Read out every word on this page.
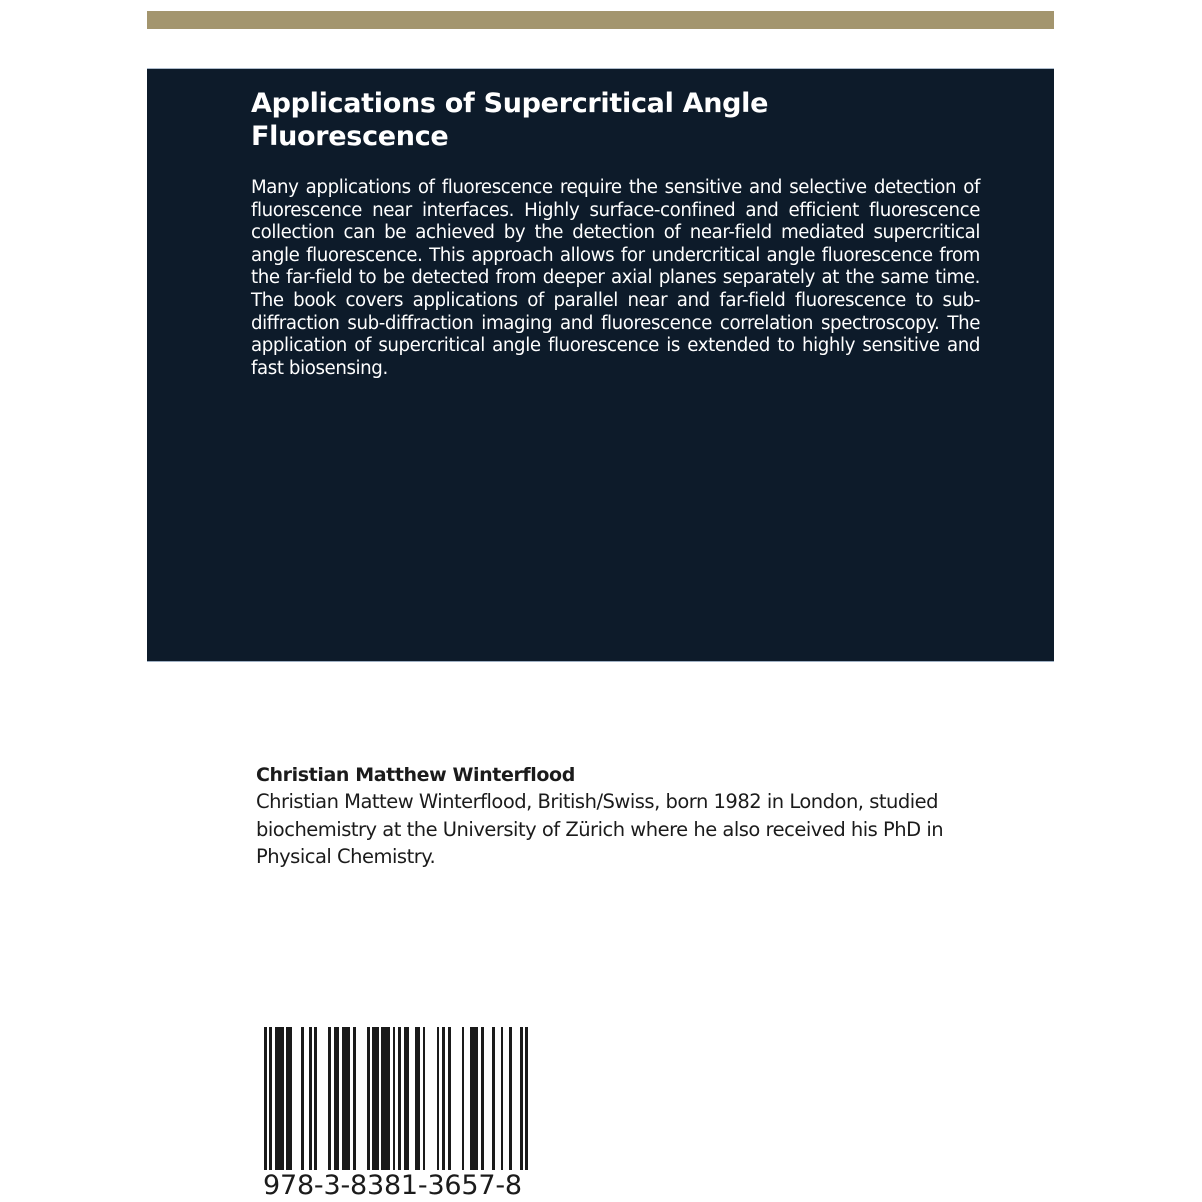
Applications of Supercritical Angle Fluorescence

Many applications of fluorescence require the sensitive and selective detection of fluorescence near interfaces. Highly surface-confined and efficient fluorescence collection can be achieved by the detection of near-field mediated supercritical angle fluorescence. This approach allows for undercritical angle fluorescence from the far-field to be detected from deeper axial planes separately at the same time. The book covers applications of parallel near and far-field fluorescence to sub-diffraction sub-diffraction imaging and fluorescence correlation spectroscopy. The application of supercritical angle fluorescence is extended to highly sensitive and fast biosensing.

Christian Matthew Winterflood

Christian Mattew Winterflood, British/Swiss, born 1982 in London, studied biochemistry at the University of Zürich where he also received his PhD in Physical Chemistry.

978-3-8381-3657-8
